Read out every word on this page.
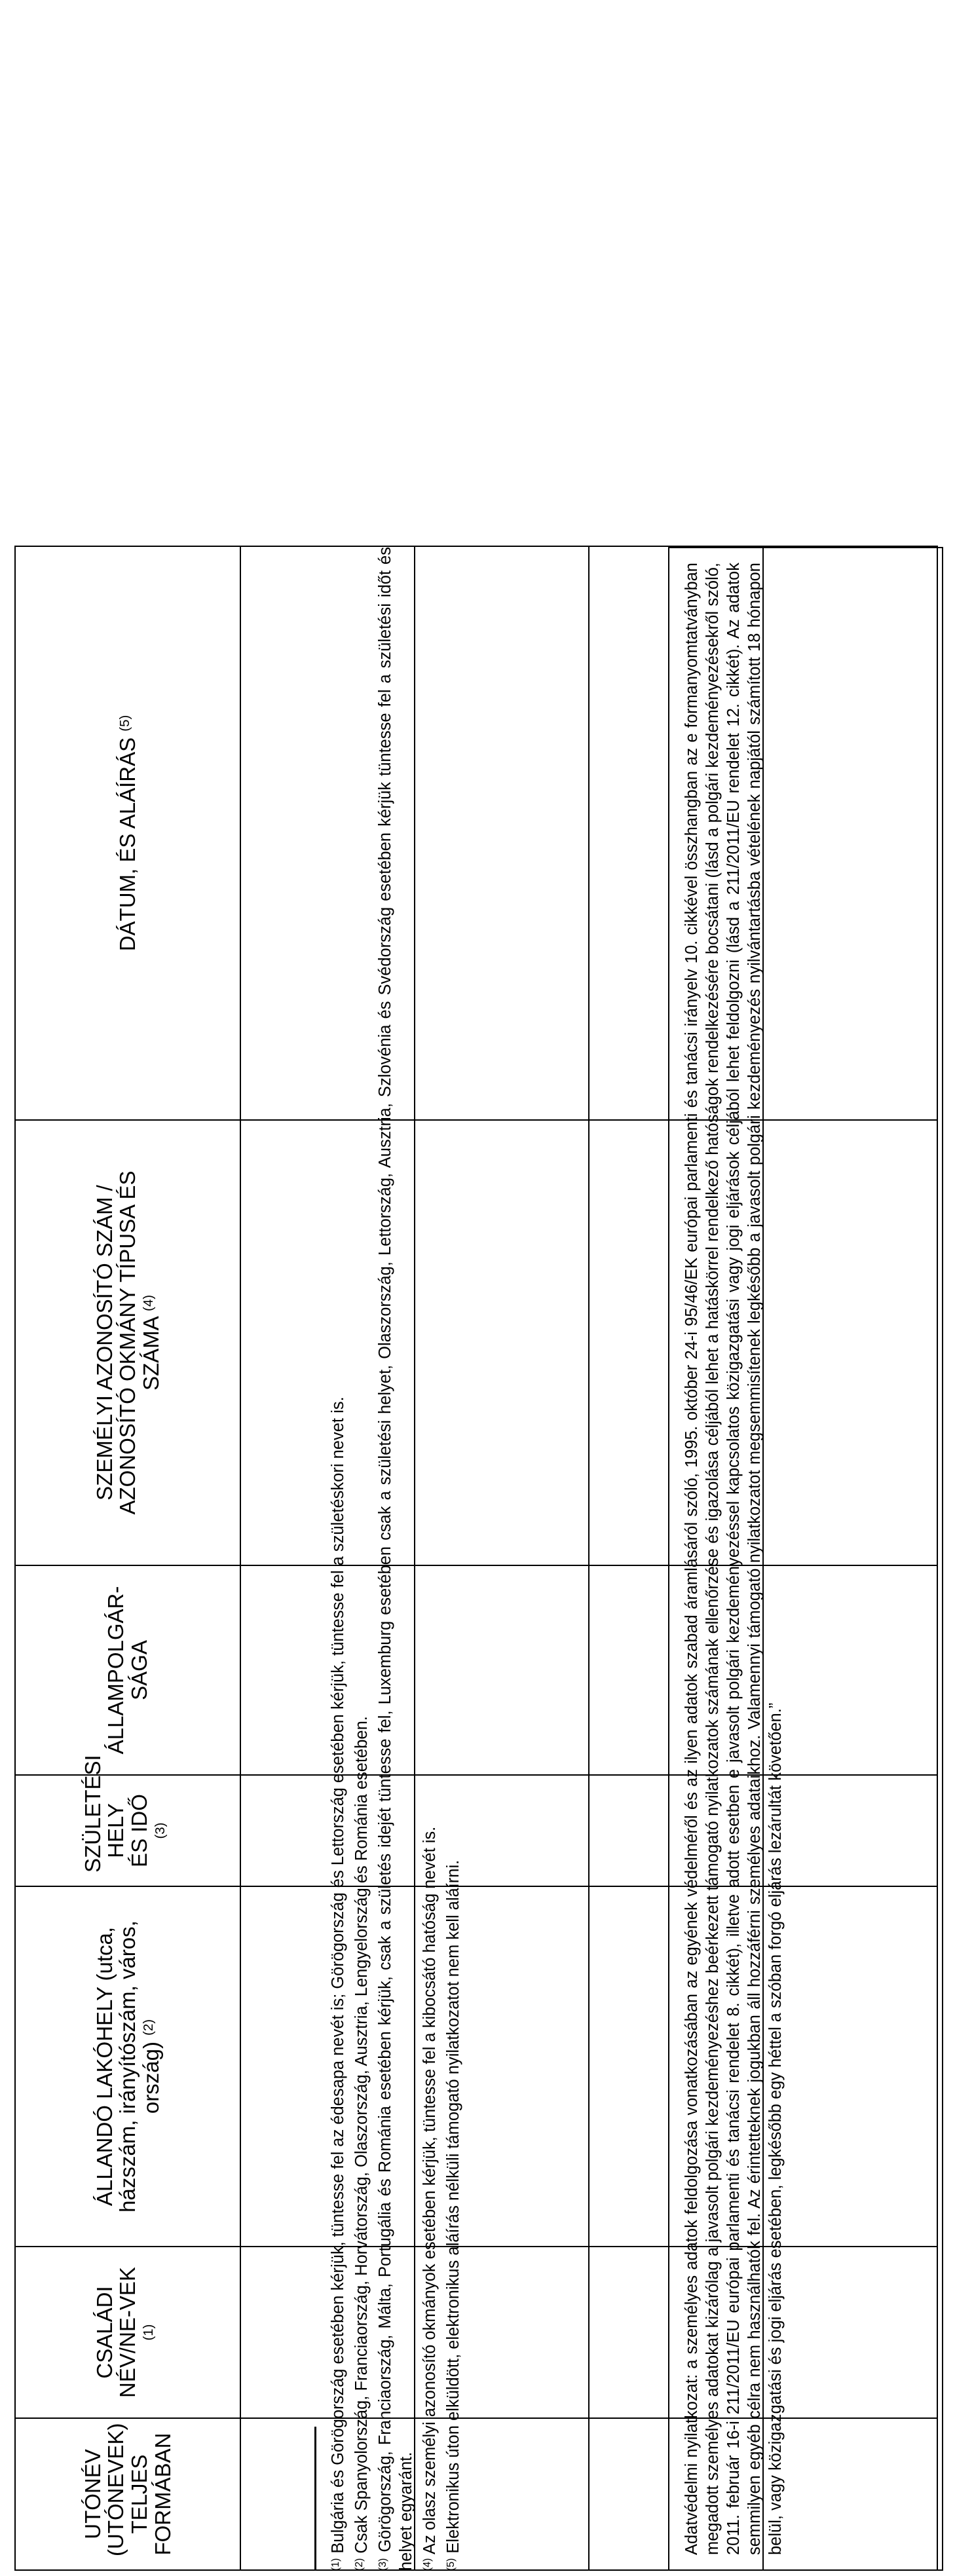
UTÓNÉV (UTÓNEVEK) TELJES FORMÁBAN	CSALÁDI NÉV/NE-VEK $^{(1)}$	ÁLLANDÓ LAKÓHELY (utca, házszám, irányítószám, város, ország) $^{(2)}$	SZÜLETÉSI HELY ÉS IDŐ $^{(3)}$	ÁLLAMPOLGÁR-SÁGA	SZEMÉLYI AZONOSÍTÓ SZÁM / AZONOSÍTÓ OKMÁNY TÍPUSA ÉS SZÁMA $^{(4)}$	DÁTUM, ÉS ALÁÍRÁS $^{(5)}$

$^{(1)}$ Bulgária és Görögország esetében kérjük, tüntesse fel az édesapa nevét is; Görögország és Lettország esetében kérjük, tüntesse fel a születéskori nevet is.

$^{(2)}$ Csak Spanyolország, Franciaország, Horvátország, Olaszország, Ausztria, Lengyelország és Románia esetében.

$^{(3)}$ Görögország, Franciaország, Málta, Portugália és Románia esetében kérjük, csak a születés idejét tüntesse fel, Luxemburg esetében csak a születési helyet, Olaszország, Lettország, Ausztria, Szlovénia és Svédország esetében kérjük tüntesse fel a születési időt és helyet egyaránt. $^{(4)}$ Az olasz személyi azonosító okmányok esetében kérjük, tüntesse fel a kibocsátó hatóság nevét is.

$^{(5)}$ Elektronikus úton elküldött, elektronikus aláírás nélküli támogató nyilatkozatot nem kell aláírni.	Adatvédelmi nyilatkozat: a személyes adatok feldolgozása vonatkozásában az egyének védelméről és az ilyen adatok szabad áramlásáról szóló, 1995. október 24-i 95/46/EK európai parlamenti és tanácsi irányelv 10. cikkével összhangban az e formanyomtatványban megadott személyes adatokat kizárólag a javasolt polgári kezdeményezéshez beérkezett támogató nyilatkozatok számának ellenőrzése és igazolása céljából lehet a hatáskörrel rendelkező hatóságok rendelkezésére bocsátani (lásd a polgári kezdeményezésekről szóló, 2011. február 16-i 211/2011/EU európai parlamenti és tanácsi rendelet 8. cikkét), illetve adott esetben e javasolt polgári kezdeményezéssel kapcsolatos közigazgatási vagy jogi eljárások céljából lehet feldolgozni (lásd a 211/2011/EU rendelet 12. cikkét). Az adatok semmilyen egyéb célra nem használhatók fel. Az érintetteknek jogukban áll hozzáférni személyes adataikhoz. Valamennyi támogató nyilatkozatot megsemmisítenek legkésőbb a javasolt polgári kezdeményezés nyilvántartásba vételének napjától számított 18 hónapon belül, vagy közigazgatási és jogi eljárás esetében, legkésőbb egy héttel a szóban forgó eljárás lezárultát követően.”
